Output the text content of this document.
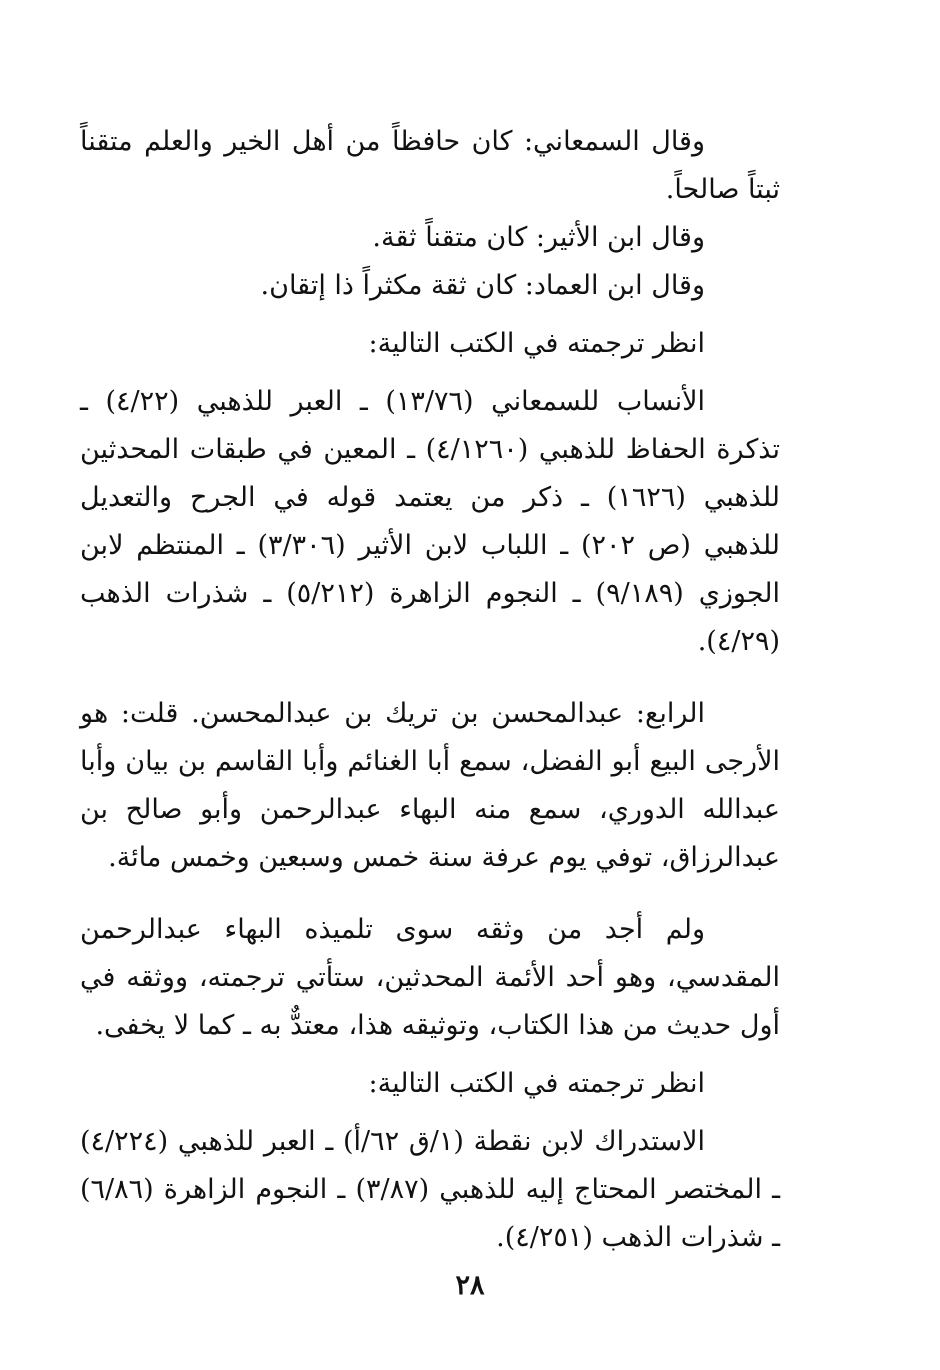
وقال السمعاني: كان حافظاً من أهل الخير والعلم متقناً ثبتاً صالحاً.

وقال ابن الأثير: كان متقناً ثقة.

وقال ابن العماد: كان ثقة مكثراً ذا إتقان.

انظر ترجمته في الكتب التالية:

الأنساب للسمعاني (١٣/٧٦) ـ العبر للذهبي (٤/٢٢) ـ تذكرة الحفاظ للذهبي (٤/١٢٦٠) ـ المعين في طبقات المحدثين للذهبي (١٦٢٦) ـ ذكر من يعتمد قوله في الجرح والتعديل للذهبي (ص ٢٠٢) ـ اللباب لابن الأثير (٣/٣٠٦) ـ المنتظم لابن الجوزي (٩/١٨٩) ـ النجوم الزاهرة (٥/٢١٢) ـ شذرات الذهب (٤/٢٩).

الرابع: عبدالمحسن بن تريك بن عبدالمحسن. قلت: هو الأرجى البيع أبو الفضل، سمع أبا الغنائم وأبا القاسم بن بيان وأبا عبدالله الدوري، سمع منه البهاء عبدالرحمن وأبو صالح بن عبدالرزاق، توفي يوم عرفة سنة خمس وسبعين وخمس مائة.

ولم أجد من وثقه سوى تلميذه البهاء عبدالرحمن المقدسي، وهو أحد الأئمة المحدثين، ستأتي ترجمته، ووثقه في أول حديث من هذا الكتاب، وتوثيقه هذا، معتدٌّ به ـ كما لا يخفى.

انظر ترجمته في الكتب التالية:

الاستدراك لابن نقطة (١/ق ٦٢/أ) ـ العبر للذهبي (٤/٢٢٤) ـ المختصر المحتاج إليه للذهبي (٣/٨٧) ـ النجوم الزاهرة (٦/٨٦) ـ شذرات الذهب (٤/٢٥١).

٢٨
